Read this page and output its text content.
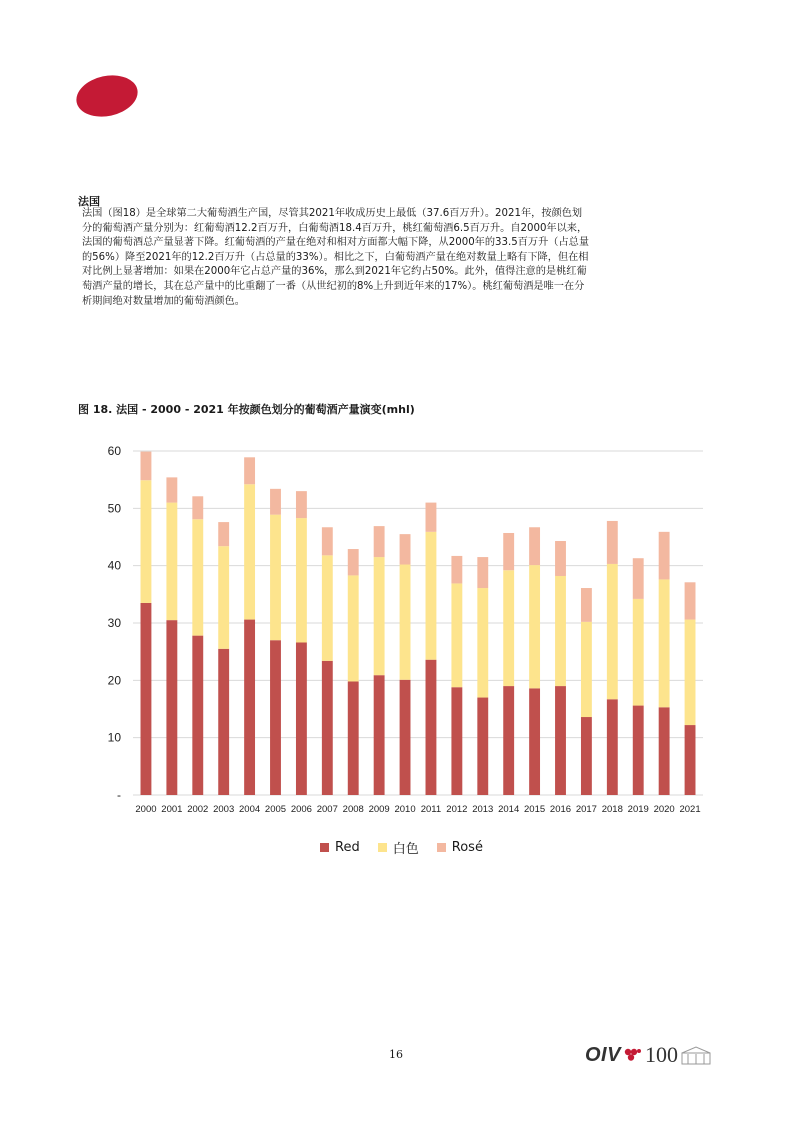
法国

法国（图18）是全球第二大葡萄酒生产国，尽管其2021年收成历史上最低（37.6百万升）。2021年，按颜色划分的葡萄酒产量分别为：红葡萄酒12.2百万升，白葡萄酒18.4百万升，桃红葡萄酒6.5百万升。自2000年以来，法国的葡萄酒总产量显著下降。红葡萄酒的产量在绝对和相对方面都大幅下降，从2000年的33.5百万升（占总量的56%）降至2021年的12.2百万升（占总量的33%）。相比之下，白葡萄酒产量在绝对数量上略有下降，但在相对比例上显著增加：如果在2000年它占总产量的36%，那么到2021年它约占50%。此外，值得注意的是桃红葡萄酒产量的增长，其在总产量中的比重翻了一番（从世纪初的8%上升到近年来的17%）。桃红葡萄酒是唯一在分析期间绝对数量增加的葡萄酒颜色。

图 18. 法国 - 2000 - 2021 年按颜色划分的葡萄酒产量演变(mhl)
-
10
20
30
40
50
60
2000 2001 2002 2003 2004 2005 2006 2007 2008 2009 2010 2011 2012 2013 2014 2015 2016 2017 2018 2019 2020 2021
Red	白色	Rosé
16	OIV 100
